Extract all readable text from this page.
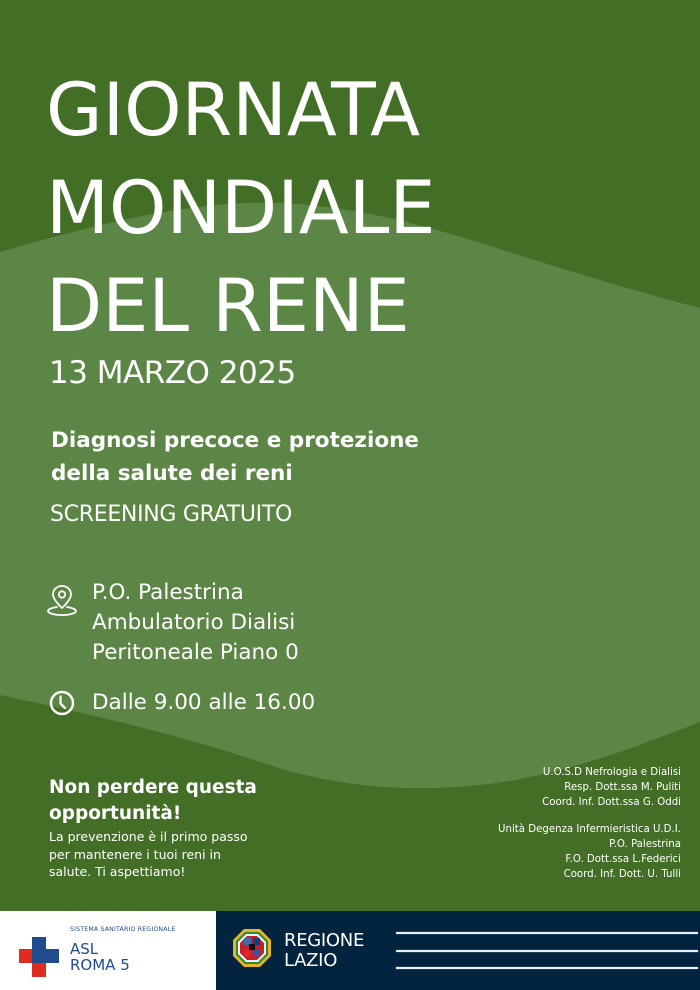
GIORNATA
MONDIALE
DEL RENE
13 MARZO 2025
Diagnosi precoce e protezione
della salute dei reni
SCREENING GRATUITO
P.O. Palestrina
Ambulatorio Dialisi
Peritoneale Piano 0
Dalle 9.00 alle 16.00
Non perdere questa
opportunità!
La prevenzione è il primo passo
per mantenere i tuoi reni in
salute. Ti aspettiamo!
U.O.S.D Nefrologia e Dialisi
Resp. Dott.ssa M. Puliti
Coord. Inf. Dott.ssa G. Oddi
Unità Degenza Infermieristica U.D.I.
P.O. Palestrina
F.O. Dott.ssa L.Federici
Coord. Inf. Dott. U. Tulli
SISTEMA SANITARIO REGIONALE
ASL
ROMA 5
REGIONE
LAZIO
